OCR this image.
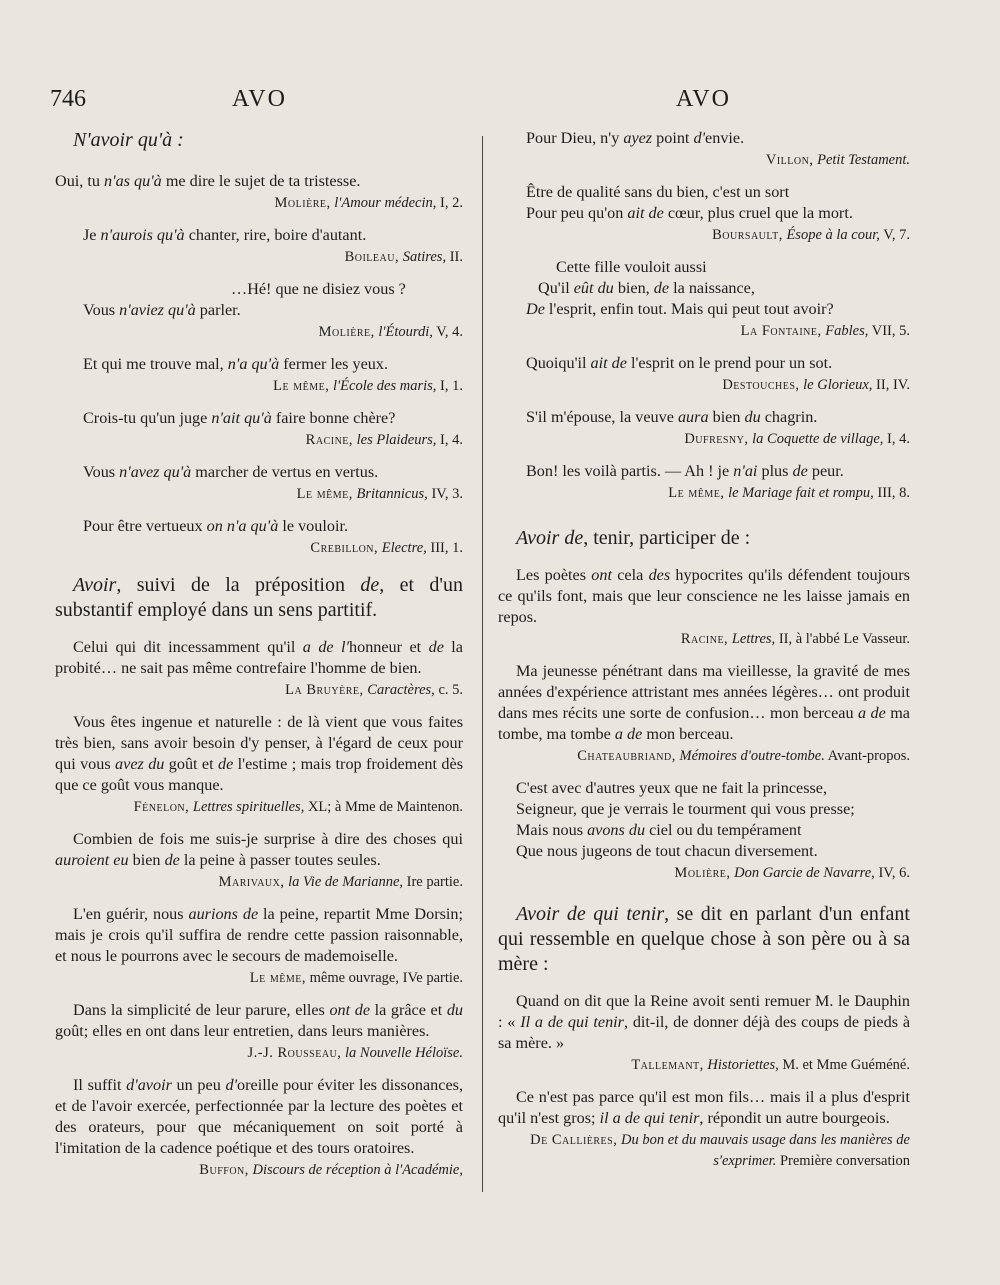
746	AVO	AVO
N'avoir qu'à :

Oui, tu n'as qu'à me dire le sujet de ta tristesse.

Molière, l'Amour médecin, I, 2.

Je n'aurois qu'à chanter, rire, boire d'autant.

Boileau, Satires, II.

…Hé! que ne disiez vous ?

Vous n'aviez qu'à parler.

Molière, l'Étourdi, V, 4.

Et qui me trouve mal, n'a qu'à fermer les yeux.

Le même, l'École des maris, I, 1.

Crois-tu qu'un juge n'ait qu'à faire bonne chère?

Racine, les Plaideurs, I, 4.

Vous n'avez qu'à marcher de vertus en vertus.

Le même, Britannicus, IV, 3.

Pour être vertueux on n'a qu'à le vouloir.

Crebillon, Electre, III, 1.
Avoir, suivi de la préposition de, et d'un substantif employé dans un sens partitif.

Celui qui dit incessamment qu'il a de l'honneur et de la probité… ne sait pas même contrefaire l'homme de bien.

La Bruyère, Caractères, c. 5.

Vous êtes ingenue et naturelle : de là vient que vous faites très bien, sans avoir besoin d'y penser, à l'égard de ceux pour qui vous avez du goût et de l'estime ; mais trop froidement dès que ce goût vous manque.

Fénelon, Lettres spirituelles, XL; à Mme de Maintenon.

Combien de fois me suis-je surprise à dire des choses qui auroient eu bien de la peine à passer toutes seules.

Marivaux, la Vie de Marianne, Ire partie.

L'en guérir, nous aurions de la peine, repartit Mme Dorsin; mais je crois qu'il suffira de rendre cette passion raisonnable, et nous le pourrons avec le secours de mademoiselle.

Le même, même ouvrage, IVe partie.

Dans la simplicité de leur parure, elles ont de la grâce et du goût; elles en ont dans leur entretien, dans leurs manières.

J.-J. Rousseau, la Nouvelle Héloïse.

Il suffit d'avoir un peu d'oreille pour éviter les dissonances, et de l'avoir exercée, perfectionnée par la lecture des poètes et des orateurs, pour que mécaniquement on soit porté à l'imitation de la cadence poétique et des tours oratoires.

Buffon, Discours de réception à l'Académie,

Pour Dieu, n'y ayez point d'envie.

Villon, Petit Testament.

Être de qualité sans du bien, c'est un sort

Pour peu qu'on ait de cœur, plus cruel que la mort.

Boursault, Ésope à la cour, V, 7.

Cette fille vouloit aussi

Qu'il eût du bien, de la naissance,

De l'esprit, enfin tout. Mais qui peut tout avoir?

La Fontaine, Fables, VII, 5.

Quoiqu'il ait de l'esprit on le prend pour un sot.

Destouches, le Glorieux, II, IV.

S'il m'épouse, la veuve aura bien du chagrin.

Dufresny, la Coquette de village, I, 4.

Bon! les voilà partis. — Ah ! je n'ai plus de peur.

Le même, le Mariage fait et rompu, III, 8.
Avoir de, tenir, participer de :

Les poètes ont cela des hypocrites qu'ils défendent toujours ce qu'ils font, mais que leur conscience ne les laisse jamais en repos.

Racine, Lettres, II, à l'abbé Le Vasseur.

Ma jeunesse pénétrant dans ma vieillesse, la gravité de mes années d'expérience attristant mes années légères… ont produit dans mes récits une sorte de confusion… mon berceau a de ma tombe, ma tombe a de mon berceau.

Chateaubriand, Mémoires d'outre-tombe. Avant-propos.

C'est avec d'autres yeux que ne fait la princesse,

Seigneur, que je verrais le tourment qui vous presse;

Mais nous avons du ciel ou du tempérament

Que nous jugeons de tout chacun diversement.

Molière, Don Garcie de Navarre, IV, 6.
Avoir de qui tenir, se dit en parlant d'un enfant qui ressemble en quelque chose à son père ou à sa mère :

Quand on dit que la Reine avoit senti remuer M. le Dauphin : « Il a de qui tenir, dit-il, de donner déjà des coups de pieds à sa mère. »

Tallemant, Historiettes, M. et Mme Guéméné.

Ce n'est pas parce qu'il est mon fils… mais il a plus d'esprit qu'il n'est gros; il a de qui tenir, répondit un autre bourgeois.

De Callières, Du bon et du mauvais usage dans les manières de s'exprimer. Première conversation
